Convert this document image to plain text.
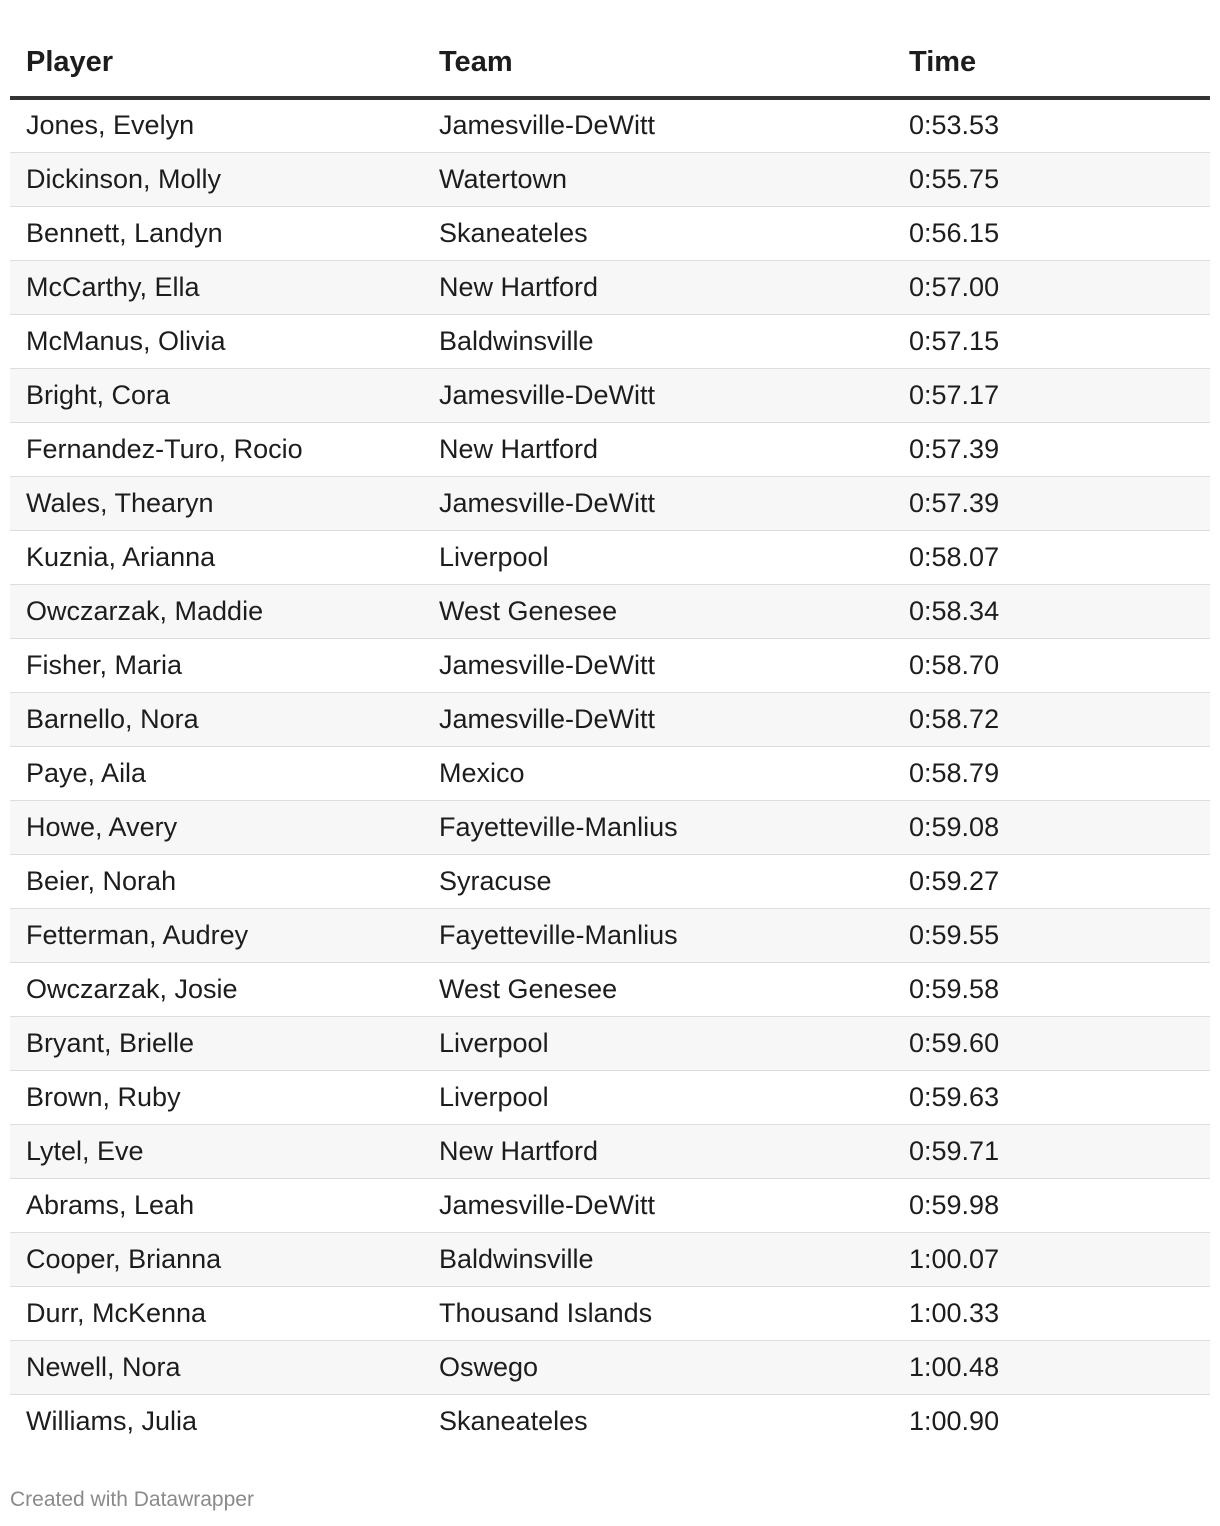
Player	Team	Time
Jones, Evelyn	Jamesville-DeWitt	0:53.53
Dickinson, Molly	Watertown	0:55.75
Bennett, Landyn	Skaneateles	0:56.15
McCarthy, Ella	New Hartford	0:57.00
McManus, Olivia	Baldwinsville	0:57.15
Bright, Cora	Jamesville-DeWitt	0:57.17
Fernandez-Turo, Rocio	New Hartford	0:57.39
Wales, Thearyn	Jamesville-DeWitt	0:57.39
Kuznia, Arianna	Liverpool	0:58.07
Owczarzak, Maddie	West Genesee	0:58.34
Fisher, Maria	Jamesville-DeWitt	0:58.70
Barnello, Nora	Jamesville-DeWitt	0:58.72
Paye, Aila	Mexico	0:58.79
Howe, Avery	Fayetteville-Manlius	0:59.08
Beier, Norah	Syracuse	0:59.27
Fetterman, Audrey	Fayetteville-Manlius	0:59.55
Owczarzak, Josie	West Genesee	0:59.58
Bryant, Brielle	Liverpool	0:59.60
Brown, Ruby	Liverpool	0:59.63
Lytel, Eve	New Hartford	0:59.71
Abrams, Leah	Jamesville-DeWitt	0:59.98
Cooper, Brianna	Baldwinsville	1:00.07
Durr, McKenna	Thousand Islands	1:00.33
Newell, Nora	Oswego	1:00.48
Williams, Julia	Skaneateles	1:00.90
Created with Datawrapper
